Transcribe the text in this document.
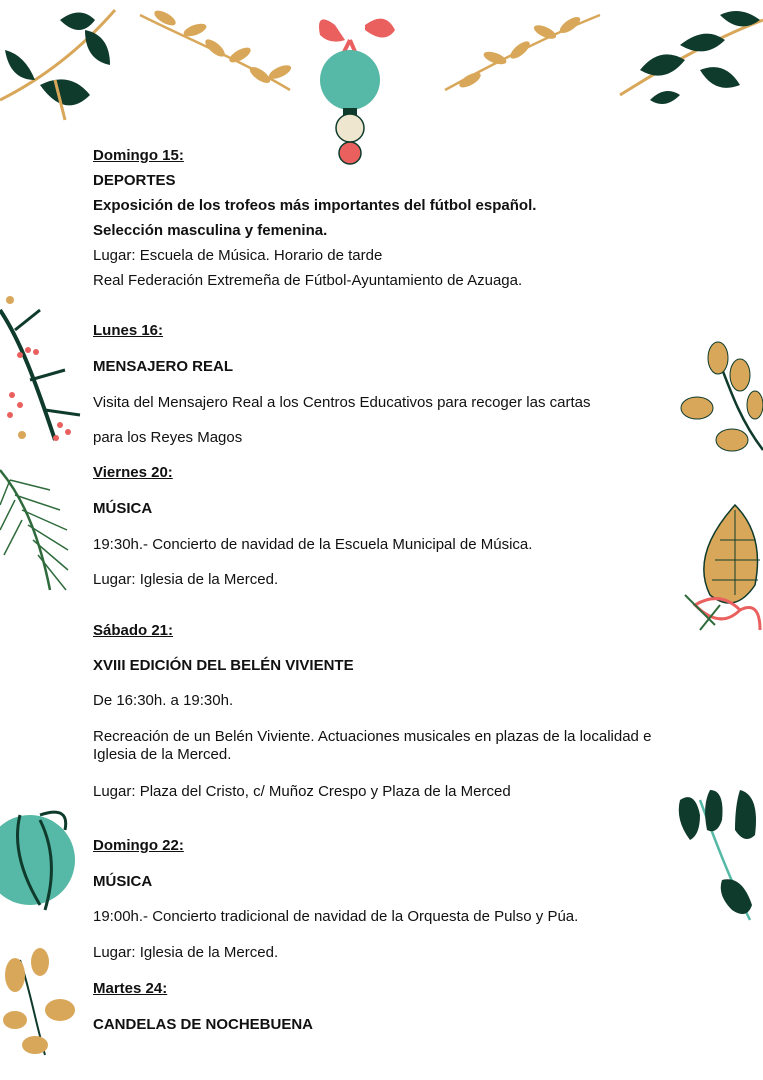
Domingo 15:
DEPORTES
Exposición de los trofeos más importantes del fútbol español.
Selección masculina y femenina.
Lugar: Escuela de Música. Horario de tarde
Real Federación Extremeña de Fútbol-Ayuntamiento de Azuaga.
Lunes 16:
MENSAJERO REAL
Visita del Mensajero Real a los Centros Educativos para recoger las cartas
para los Reyes Magos
Viernes 20:
MÚSICA
19:30h.- Concierto de navidad de la Escuela Municipal de Música.
Lugar: Iglesia de la Merced.
Sábado 21:
XVIII EDICIÓN DEL BELÉN VIVIENTE
De 16:30h. a 19:30h.
Recreación de un Belén Viviente. Actuaciones musicales en plazas de la localidad e Iglesia de la Merced.
Lugar: Plaza del Cristo, c/ Muñoz Crespo y Plaza de la Merced
Domingo 22:
MÚSICA
19:00h.- Concierto tradicional de navidad de la Orquesta de Pulso y Púa.
Lugar: Iglesia de la Merced.
Martes 24:
CANDELAS DE NOCHEBUENA
